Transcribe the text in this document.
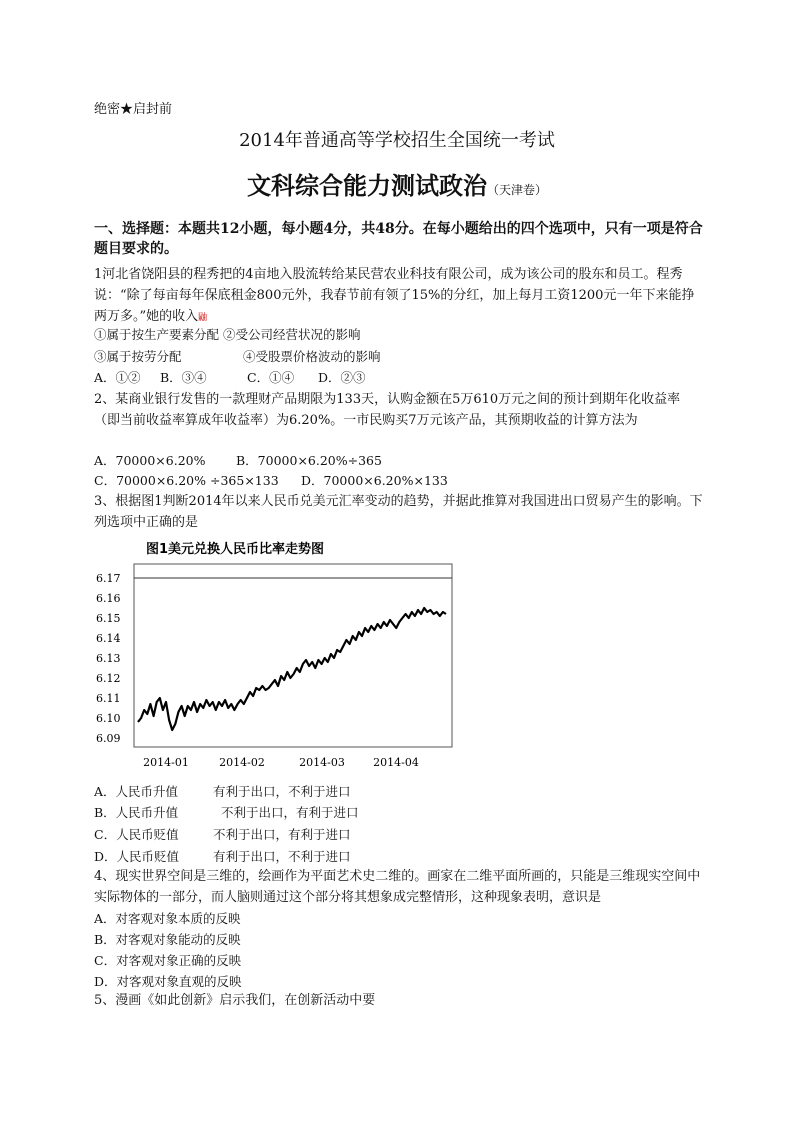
绝密★启封前
2014年普通高等学校招生全国统一考试
文科综合能力测试政治（天津卷）
一、选择题：本题共12小题，每小题4分，共48分。在每小题给出的四个选项中，只有一项是符合题目要求的。
1河北省饶阳县的程秀把的4亩地入股流转给某民营农业科技有限公司，成为该公司的股东和员工。程秀说：“除了每亩每年保底租金800元外，我春节前有领了15%的分红，加上每月工资1200元一年下来能挣两万多。”她的收入鼬
①属于按生产要素分配 ②受公司经营状况的影响
③属于按劳分配	④受股票价格波动的影响
A．①② B．③④	C．①④ D．②③
2、某商业银行发售的一款理财产品期限为133天，认购金额在5万610万元之间的预计到期年化收益率（即当前收益率算成年收益率）为6.20%。一市民购买7万元该产品，其预期收益的计算方法为
A．70000×6.20% B．70000×6.20%÷365
C．70000×6.20% ÷365×133 D．70000×6.20%×133
3、根据图1判断2014年以来人民币兑美元汇率变动的趋势，并据此推算对我国进出口贸易产生的影响。下列选项中正确的是
图1美元兑换人民币比率走势图
6.17
6.16
6.15
6.14
6.13
6.12
6.11
6.10
6.09
2014-01	2014-02	2014-03	2014-04
A．人民币升值	有利于出口，不利于进口
B．人民币升值	不利于出口，有利于进口
C．人民币贬值	不利于出口，有利于进口
D．人民币贬值	有利于出口，不利于进口
4、现实世界空间是三维的，绘画作为平面艺术史二维的。画家在二维平面所画的，只能是三维现实空间中实际物体的一部分，而人脑则通过这个部分将其想象成完整情形，这种现象表明，意识是
A．对客观对象本质的反映
B．对客观对象能动的反映
C．对客观对象正确的反映
D．对客观对象直观的反映
5、漫画《如此创新》启示我们，在创新活动中要
